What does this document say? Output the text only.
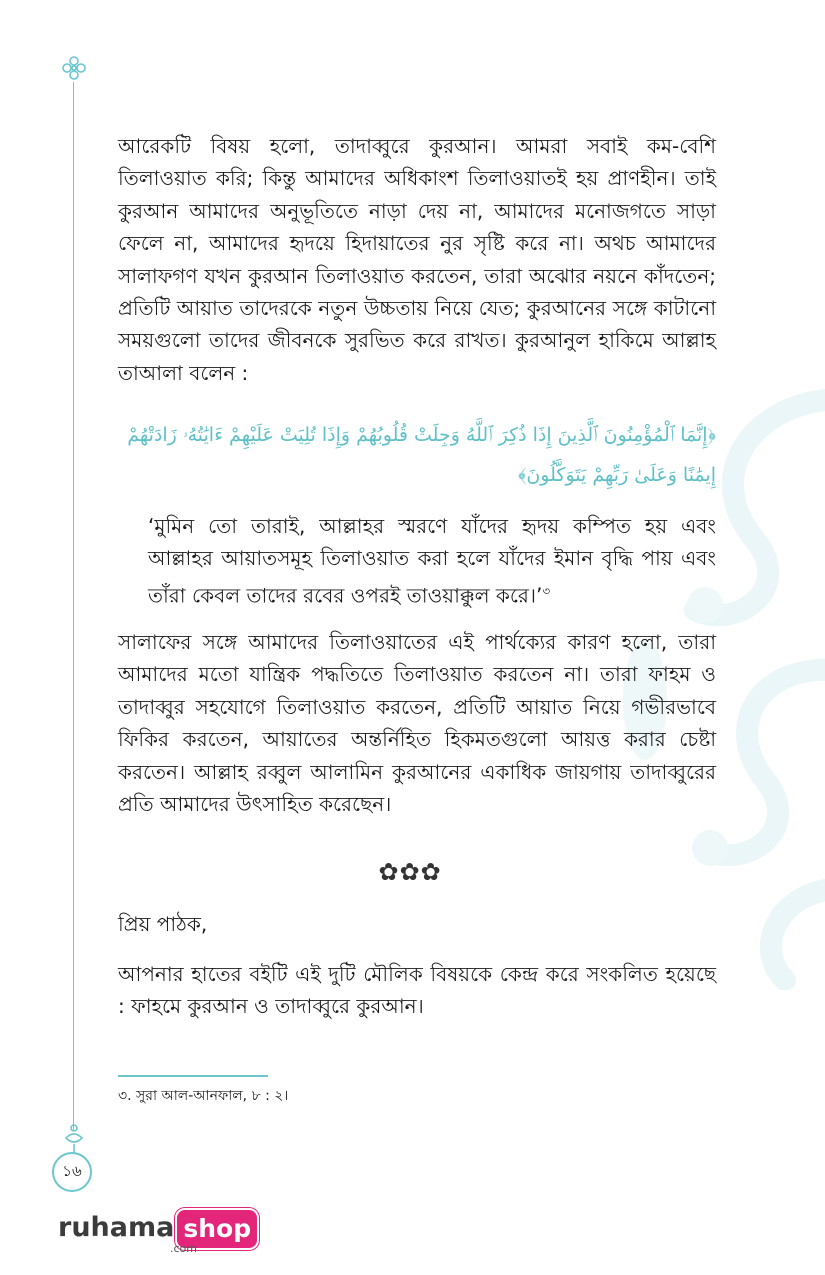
১৬

আরেকটি বিষয় হলো, তাদাব্বুরে কুরআন। আমরা সবাই কম-বেশি তিলাওয়াত করি; কিন্তু আমাদের অধিকাংশ তিলাওয়াতই হয় প্রাণহীন। তাই কুরআন আমাদের অনুভূতিতে নাড়া দেয় না, আমাদের মনোজগতে সাড়া ফেলে না, আমাদের হৃদয়ে হিদায়াতের নুর সৃষ্টি করে না। অথচ আমাদের সালাফগণ যখন কুরআন তিলাওয়াত করতেন, তারা অঝোর নয়নে কাঁদতেন; প্রতিটি আয়াত তাদেরকে নতুন উচ্চতায় নিয়ে যেত; কুরআনের সঙ্গে কাটানো সময়গুলো তাদের জীবনকে সুরভিত করে রাখত। কুরআনুল হাকিমে আল্লাহ তাআলা বলেন :

﴿إِنَّمَا ٱلْمُؤْمِنُونَ ٱلَّذِينَ إِذَا ذُكِرَ ٱللَّهُ وَجِلَتْ قُلُوبُهُمْ وَإِذَا تُلِيَتْ عَلَيْهِمْ ءَايَٰتُهُۥ زَادَتْهُمْ إِيمَٰنًا وَعَلَىٰ رَبِّهِمْ يَتَوَكَّلُونَ﴾

‘মুমিন তো তারাই, আল্লাহর স্মরণে যাঁদের হৃদয় কম্পিত হয় এবং আল্লাহর আয়াতসমূহ তিলাওয়াত করা হলে যাঁদের ইমান বৃদ্ধি পায় এবং তাঁরা কেবল তাদের রবের ওপরই তাওয়াক্কুল করে।’$^৩$

সালাফের সঙ্গে আমাদের তিলাওয়াতের এই পার্থক্যের কারণ হলো, তারা আমাদের মতো যান্ত্রিক পদ্ধতিতে তিলাওয়াত করতেন না। তারা ফাহম ও তাদাব্বুর সহযোগে তিলাওয়াত করতেন, প্রতিটি আয়াত নিয়ে গভীরভাবে ফিকির করতেন, আয়াতের অন্তর্নিহিত হিকমতগুলো আয়ত্ত করার চেষ্টা করতেন। আল্লাহ রব্বুল আলামিন কুরআনের একাধিক জায়গায় তাদাব্বুরের প্রতি আমাদের উৎসাহিত করেছেন।

✿✿✿
প্রিয় পাঠক,

আপনার হাতের বইটি এই দুটি মৌলিক বিষয়কে কেন্দ্র করে সংকলিত হয়েছে : ফাহমে কুরআন ও তাদাব্বুরে কুরআন।

৩. সুরা আল-আনফাল, ৮ : ২।
ruhama shop
.com
